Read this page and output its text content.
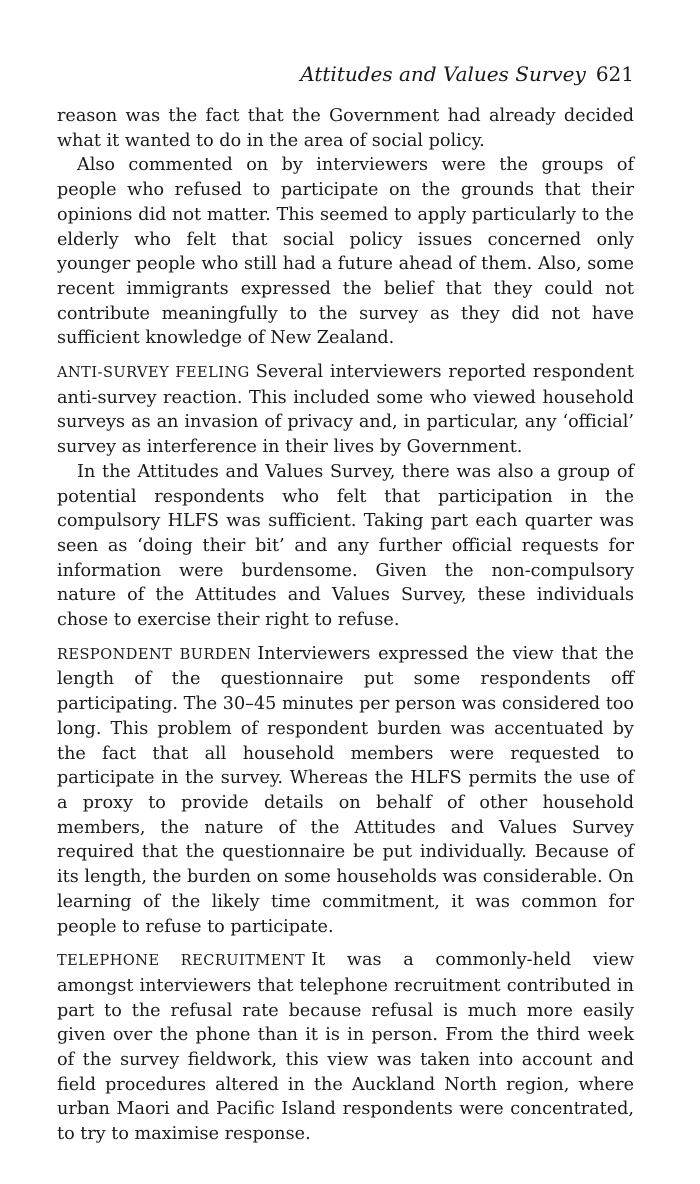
Attitudes and Values Survey 621

reason was the fact that the Government had already decided what it wanted to do in the area of social policy.

Also commented on by interviewers were the groups of people who refused to participate on the grounds that their opinions did not matter. This seemed to apply particularly to the elderly who felt that social policy issues concerned only younger people who still had a future ahead of them. Also, some recent immigrants expressed the belief that they could not contribute meaningfully to the survey as they did not have sufficient knowledge of New Zealand.

ANTI-SURVEY FEELING Several interviewers reported respondent anti-survey reaction. This included some who viewed household surveys as an invasion of privacy and, in particular, any ‘official’ survey as interference in their lives by Government.

In the Attitudes and Values Survey, there was also a group of potential respondents who felt that participation in the compulsory HLFS was sufficient. Taking part each quarter was seen as ‘doing their bit’ and any further official requests for information were burdensome. Given the non-compulsory nature of the Attitudes and Values Survey, these individuals chose to exercise their right to refuse.

RESPONDENT BURDEN Interviewers expressed the view that the length of the questionnaire put some respondents off participating. The 30–45 minutes per person was considered too long. This problem of respondent burden was accentuated by the fact that all household members were requested to participate in the survey. Whereas the HLFS permits the use of a proxy to provide details on behalf of other household members, the nature of the Attitudes and Values Survey required that the questionnaire be put individually. Because of its length, the burden on some households was considerable. On learning of the likely time commitment, it was common for people to refuse to participate.

TELEPHONE RECRUITMENT It was a commonly-held view amongst interviewers that telephone recruitment contributed in part to the refusal rate because refusal is much more easily given over the phone than it is in person. From the third week of the survey fieldwork, this view was taken into account and field procedures altered in the Auckland North region, where urban Maori and Pacific Island respondents were concentrated, to try to maximise response.
